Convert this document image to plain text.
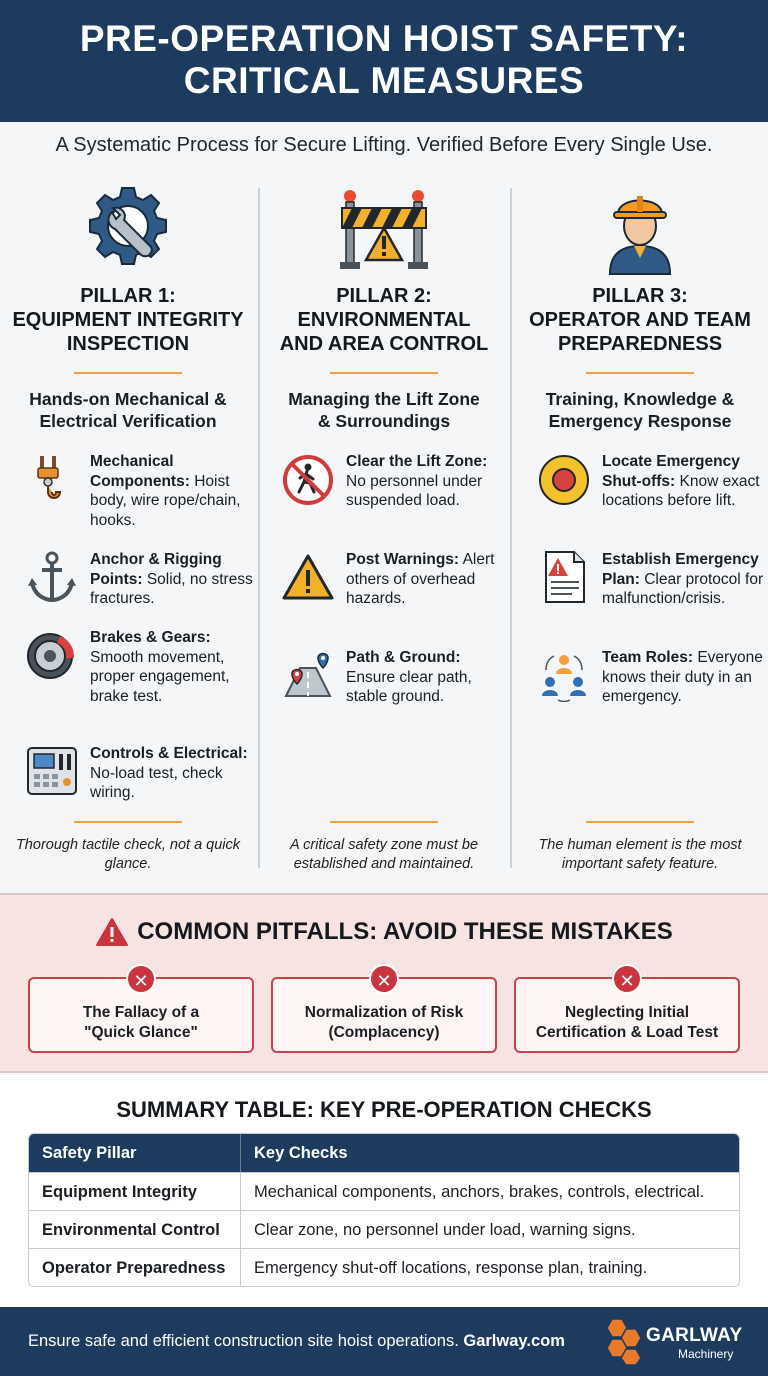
PRE-OPERATION HOIST SAFETY:
CRITICAL MEASURES
A Systematic Process for Secure Lifting. Verified Before Every Single Use.
PILLAR 1:
EQUIPMENT INTEGRITY
INSPECTION
Hands-on Mechanical &
Electrical Verification
Mechanical Components: Hoist body, wire rope/chain, hooks.
Anchor & Rigging Points: Solid, no stress fractures.
Brakes & Gears: Smooth movement, proper engagement, brake test.
Controls & Electrical: No-load test, check wiring.
Thorough tactile check, not a quick glance.
PILLAR 2:
ENVIRONMENTAL
AND AREA CONTROL
Managing the Lift Zone
& Surroundings
Clear the Lift Zone: No personnel under suspended load.
Post Warnings: Alert others of overhead hazards.
Path & Ground: Ensure clear path, stable ground.
A critical safety zone must be established and maintained.
PILLAR 3:
OPERATOR AND TEAM
PREPAREDNESS
Training, Knowledge &
Emergency Response
Locate Emergency Shut-offs: Know exact locations before lift.
Establish Emergency Plan: Clear protocol for malfunction/crisis.
Team Roles: Everyone knows their duty in an emergency.
The human element is the most important safety feature.
COMMON PITFALLS: AVOID THESE MISTAKES
The Fallacy of a
"Quick Glance"
✕
Normalization of Risk
(Complacency)
✕
Neglecting Initial
Certification & Load Test
✕
SUMMARY TABLE: KEY PRE-OPERATION CHECKS
Safety Pillar	Key Checks
Equipment Integrity	Mechanical components, anchors, brakes, controls, electrical.
Environmental Control	Clear zone, no personnel under load, warning signs.
Operator Preparedness	Emergency shut-off locations, response plan, training.
Ensure safe and efficient construction site hoist operations. Garlway.com	GARLWAY
Machinery
